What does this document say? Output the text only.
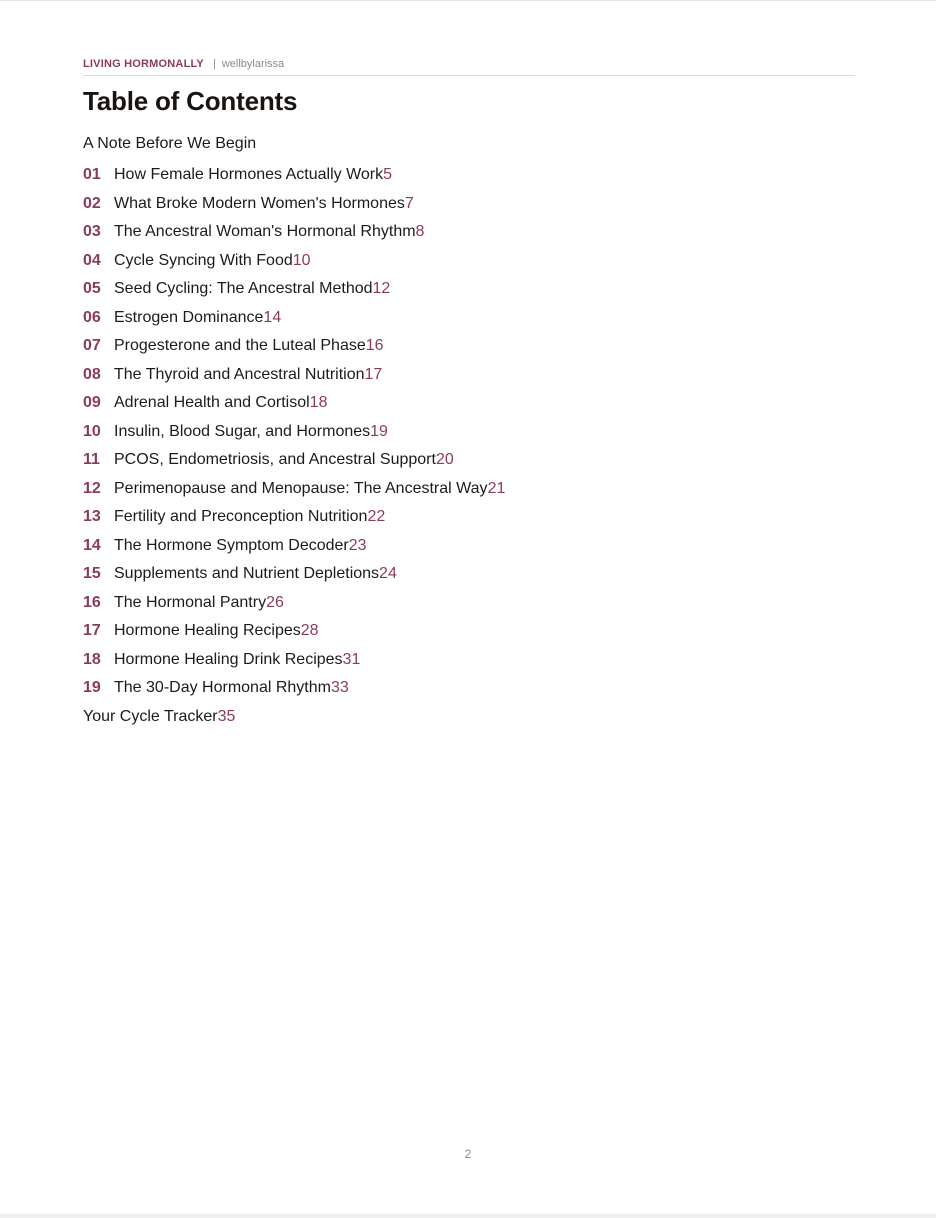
LIVING HORMONALLY | wellbylarissa
Table of Contents
A Note Before We Begin
01 How Female Hormones Actually Work5
02 What Broke Modern Women's Hormones7
03 The Ancestral Woman's Hormonal Rhythm8
04 Cycle Syncing With Food10
05 Seed Cycling: The Ancestral Method12
06 Estrogen Dominance14
07 Progesterone and the Luteal Phase16
08 The Thyroid and Ancestral Nutrition17
09 Adrenal Health and Cortisol18
10 Insulin, Blood Sugar, and Hormones19
11 PCOS, Endometriosis, and Ancestral Support20
12 Perimenopause and Menopause: The Ancestral Way21
13 Fertility and Preconception Nutrition22
14 The Hormone Symptom Decoder23
15 Supplements and Nutrient Depletions24
16 The Hormonal Pantry26
17 Hormone Healing Recipes28
18 Hormone Healing Drink Recipes31
19 The 30-Day Hormonal Rhythm33
Your Cycle Tracker35
2
